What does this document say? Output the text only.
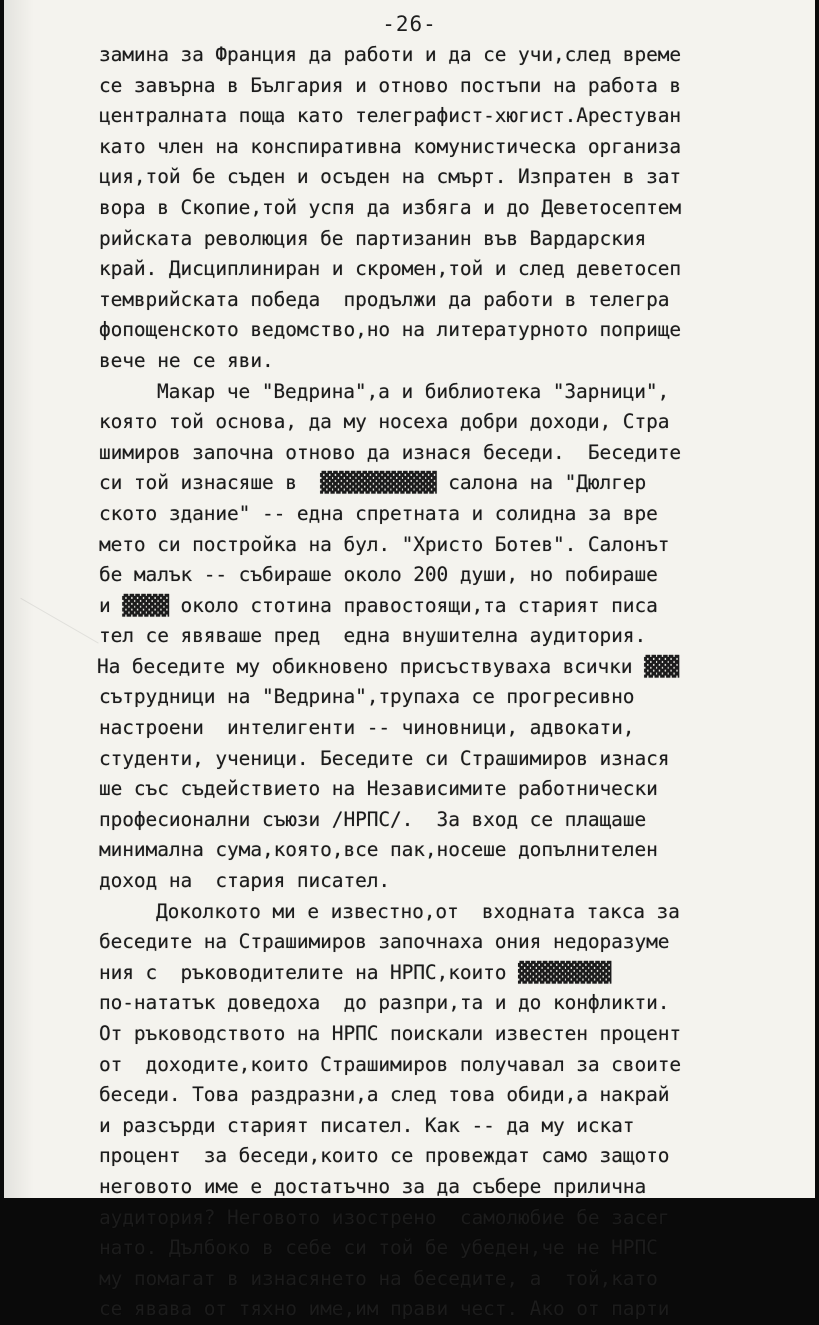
-26-
замина за Франция да работи и да се учи,след време
се завърна в България и отново постъпи на работа в
централната поща като телеграфист-хюгист.Арестуван
като член на конспиративна комунистическа организа
ция,той бе съден и осъден на смърт. Изпратен в зат
вора в Скопие,той успя да избяга и до Деветосептем
рийската революция бе партизанин във Вардарския
край. Дисциплиниран и скромен,той и след деветосеп
темврийската победа  продължи да работи в телегра
фопощенското ведомство,но на литературното поприще
вече не се яви.
Макар че "Ведрина",а и библиотека "Зарници",
която той основа, да му носеха добри доходи, Стра
шимиров започна отново да изнася беседи.  Беседите
си той изнасяше в  ▓▓▓▓▓▓▓▓▓▓ салона на "Дюлгер
ското здание" -- една спретната и солидна за вре
мето си постройка на бул. "Христо Ботев". Салонът
бе малък -- събираше около 200 души, но побираше
и ▓▓▓▓ около стотина правостоящи,та старият писа
тел се явяваше пред  една внушителна аудитория.
На беседите му обикновено присъствуваха всички ▓▓▓
сътрудници на "Ведрина",трупаха се прогресивно
настроени  интелигенти -- чиновници, адвокати,
студенти, ученици. Беседите си Страшимиров изнася
ше със съдействието на Независимите работнически
професионални съюзи /НРПС/.  За вход се плащаше
минимална сума,която,все пак,носеше допълнителен
доход на  стария писател.
Доколкото ми е известно,от  входната такса за
беседите на Страшимиров започнаха ония недоразуме
ния с  ръководителите на НРПС,които ▓▓▓▓▓▓▓▓
по-нататък доведоха  до разпри,та и до конфликти.
От ръководството на НРПС поискали известен процент
от  доходите,които Страшимиров получавал за своите
беседи. Това раздразни,а след това обиди,а накрай
и разсърди старият писател. Как -- да му искат
процент  за беседи,които се провеждат само защото
неговото име е достатъчно за да събере прилична
аудитория? Неговото изострено  самолюбие бе засег
нато. Дълбоко в себе си той бе убеден,че не НРПС
му помагат в изнасянето на беседите, а  той,като
се явава от тяхно име,им прави чест. Ако от парти
